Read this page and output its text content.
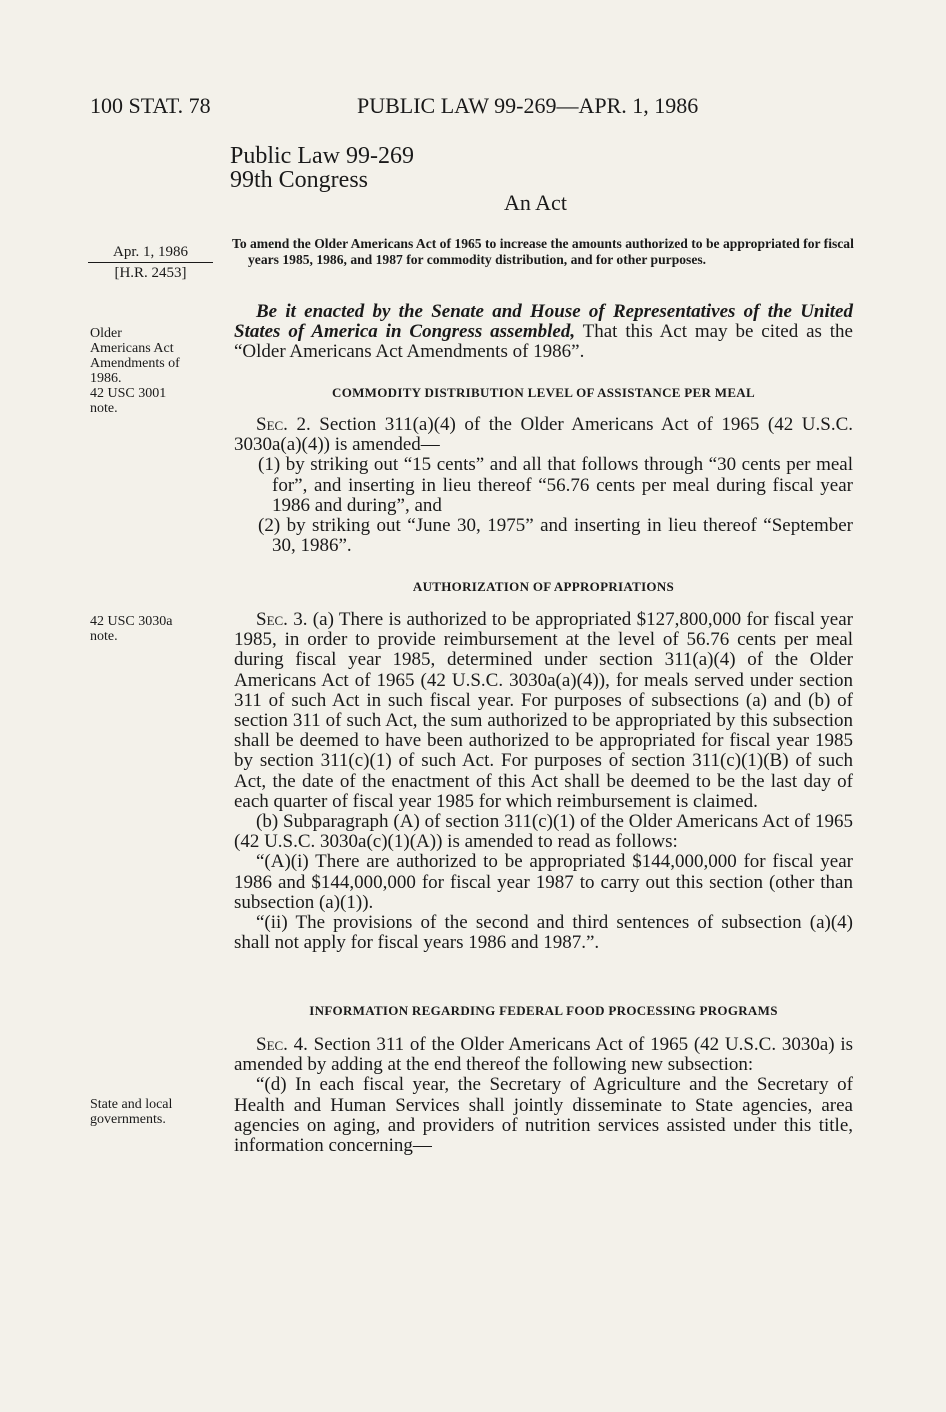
100 STAT. 78	PUBLIC LAW 99-269—APR. 1, 1986
Public Law 99-269
99th Congress
An Act
Apr. 1, 1986
[H.R. 2453]
To amend the Older Americans Act of 1965 to increase the amounts authorized to be appropriated for fiscal years 1985, 1986, and 1987 for commodity distribution, and for other purposes.
Older
Americans Act
Amendments of
1986.
42 USC 3001
note.

Be it enacted by the Senate and House of Representatives of the United States of America in Congress assembled, That this Act may be cited as the “Older Americans Act Amendments of 1986”.

COMMODITY DISTRIBUTION LEVEL OF ASSISTANCE PER MEAL

Sec. 2. Section 311(a)(4) of the Older Americans Act of 1965 (42 U.S.C. 3030a(a)(4)) is amended—

(1) by striking out “15 cents” and all that follows through “30 cents per meal for”, and inserting in lieu thereof “56.76 cents per meal during fiscal year 1986 and during”, and

(2) by striking out “June 30, 1975” and inserting in lieu thereof “September 30, 1986”.

AUTHORIZATION OF APPROPRIATIONS
42 USC 3030a
note.

Sec. 3. (a) There is authorized to be appropriated $127,800,000 for fiscal year 1985, in order to provide reimbursement at the level of 56.76 cents per meal during fiscal year 1985, determined under section 311(a)(4) of the Older Americans Act of 1965 (42 U.S.C. 3030a(a)(4)), for meals served under section 311 of such Act in such fiscal year. For purposes of subsections (a) and (b) of section 311 of such Act, the sum authorized to be appropriated by this subsection shall be deemed to have been authorized to be appropriated for fiscal year 1985 by section 311(c)(1) of such Act. For purposes of section 311(c)(1)(B) of such Act, the date of the enactment of this Act shall be deemed to be the last day of each quarter of fiscal year 1985 for which reimbursement is claimed.

(b) Subparagraph (A) of section 311(c)(1) of the Older Americans Act of 1965 (42 U.S.C. 3030a(c)(1)(A)) is amended to read as follows:

“(A)(i) There are authorized to be appropriated $144,000,000 for fiscal year 1986 and $144,000,000 for fiscal year 1987 to carry out this section (other than subsection (a)(1)).

“(ii) The provisions of the second and third sentences of subsection (a)(4) shall not apply for fiscal years 1986 and 1987.”.

INFORMATION REGARDING FEDERAL FOOD PROCESSING PROGRAMS

Sec. 4. Section 311 of the Older Americans Act of 1965 (42 U.S.C. 3030a) is amended by adding at the end thereof the following new subsection:

“(d) In each fiscal year, the Secretary of Agriculture and the Secretary of Health and Human Services shall jointly disseminate to State agencies, area agencies on aging, and providers of nutrition services assisted under this title, information concerning—

State and local
governments.
